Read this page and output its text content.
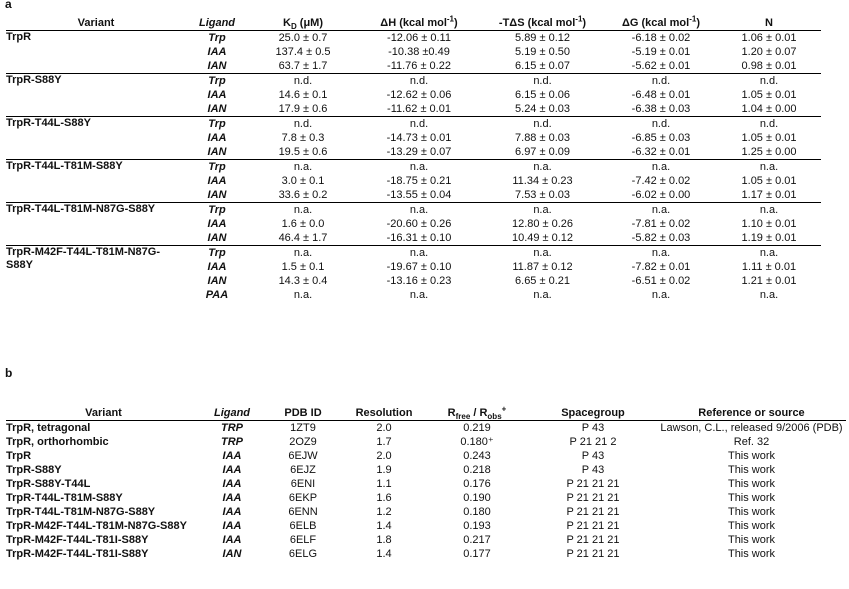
a
Variant	Ligand	$K_D$ (μM)	ΔH (kcal mol$^{-1}$)	-TΔS (kcal mol$^{-1}$)	ΔG (kcal mol$^{-1}$)	N

TrpR	Trp	25.0 ± 0.7	-12.06 ± 0.11	5.89 ± 0.12	-6.18 ± 0.02	1.06 ± 0.01
	IAA	137.4 ± 0.5	-10.38 ±0.49	5.19 ± 0.50	-5.19 ± 0.01	1.20 ± 0.07
	IAN	63.7 ± 1.7	-11.76 ± 0.22	6.15 ± 0.07	-5.62 ± 0.01	0.98 ± 0.01

TrpR-S88Y	Trp	n.d.	n.d.	n.d.	n.d.	n.d.
	IAA	14.6 ± 0.1	-12.62 ± 0.06	6.15 ± 0.06	-6.48 ± 0.01	1.05 ± 0.01
	IAN	17.9 ± 0.6	-11.62 ± 0.01	5.24 ± 0.03	-6.38 ± 0.03	1.04 ± 0.00

TrpR-T44L-S88Y	Trp	n.d.	n.d.	n.d.	n.d.	n.d.
	IAA	7.8 ± 0.3	-14.73 ± 0.01	7.88 ± 0.03	-6.85 ± 0.03	1.05 ± 0.01
	IAN	19.5 ± 0.6	-13.29 ± 0.07	6.97 ± 0.09	-6.32 ± 0.01	1.25 ± 0.00

TrpR-T44L-T81M-S88Y	Trp	n.a.	n.a.	n.a.	n.a.	n.a.
	IAA	3.0 ± 0.1	-18.75 ± 0.21	11.34 ± 0.23	-7.42 ± 0.02	1.05 ± 0.01
	IAN	33.6 ± 0.2	-13.55 ± 0.04	7.53 ± 0.03	-6.02 ± 0.00	1.17 ± 0.01

TrpR-T44L-T81M-N87G-S88Y	Trp	n.a.	n.a.	n.a.	n.a.	n.a.
	IAA	1.6 ± 0.0	-20.60 ± 0.26	12.80 ± 0.26	-7.81 ± 0.02	1.10 ± 0.01
	IAN	46.4 ± 1.7	-16.31 ± 0.10	10.49 ± 0.12	-5.82 ± 0.03	1.19 ± 0.01

TrpR-M42F-T44L-T81M-N87G-S88Y	Trp	n.a.	n.a.	n.a.	n.a.	n.a.
	IAA	1.5 ± 0.1	-19.67 ± 0.10	11.87 ± 0.12	-7.82 ± 0.01	1.11 ± 0.01
	IAN	14.3 ± 0.4	-13.16 ± 0.23	6.65 ± 0.21	-6.51 ± 0.02	1.21 ± 0.01
	PAA	n.a.	n.a.	n.a.	n.a.	n.a.
b
Variant	Ligand	PDB ID	Resolution	$R_{free} / R_{obs}^+$	Spacegroup	Reference or source
TrpR, tetragonal	TRP	1ZT9	2.0	0.219	P 43	Lawson, C.L., released 9/2006 (PDB)
TrpR, orthorhombic	TRP	2OZ9	1.7	0.180⁺	P 21 21 2	Ref. 32
TrpR	IAA	6EJW	2.0	0.243	P 43	This work
TrpR-S88Y	IAA	6EJZ	1.9	0.218	P 43	This work
TrpR-S88Y-T44L	IAA	6ENI	1.1	0.176	P 21 21 21	This work
TrpR-T44L-T81M-S88Y	IAA	6EKP	1.6	0.190	P 21 21 21	This work
TrpR-T44L-T81M-N87G-S88Y	IAA	6ENN	1.2	0.180	P 21 21 21	This work
TrpR-M42F-T44L-T81M-N87G-S88Y	IAA	6ELB	1.4	0.193	P 21 21 21	This work
TrpR-M42F-T44L-T81I-S88Y	IAA	6ELF	1.8	0.217	P 21 21 21	This work
TrpR-M42F-T44L-T81I-S88Y	IAN	6ELG	1.4	0.177	P 21 21 21	This work
